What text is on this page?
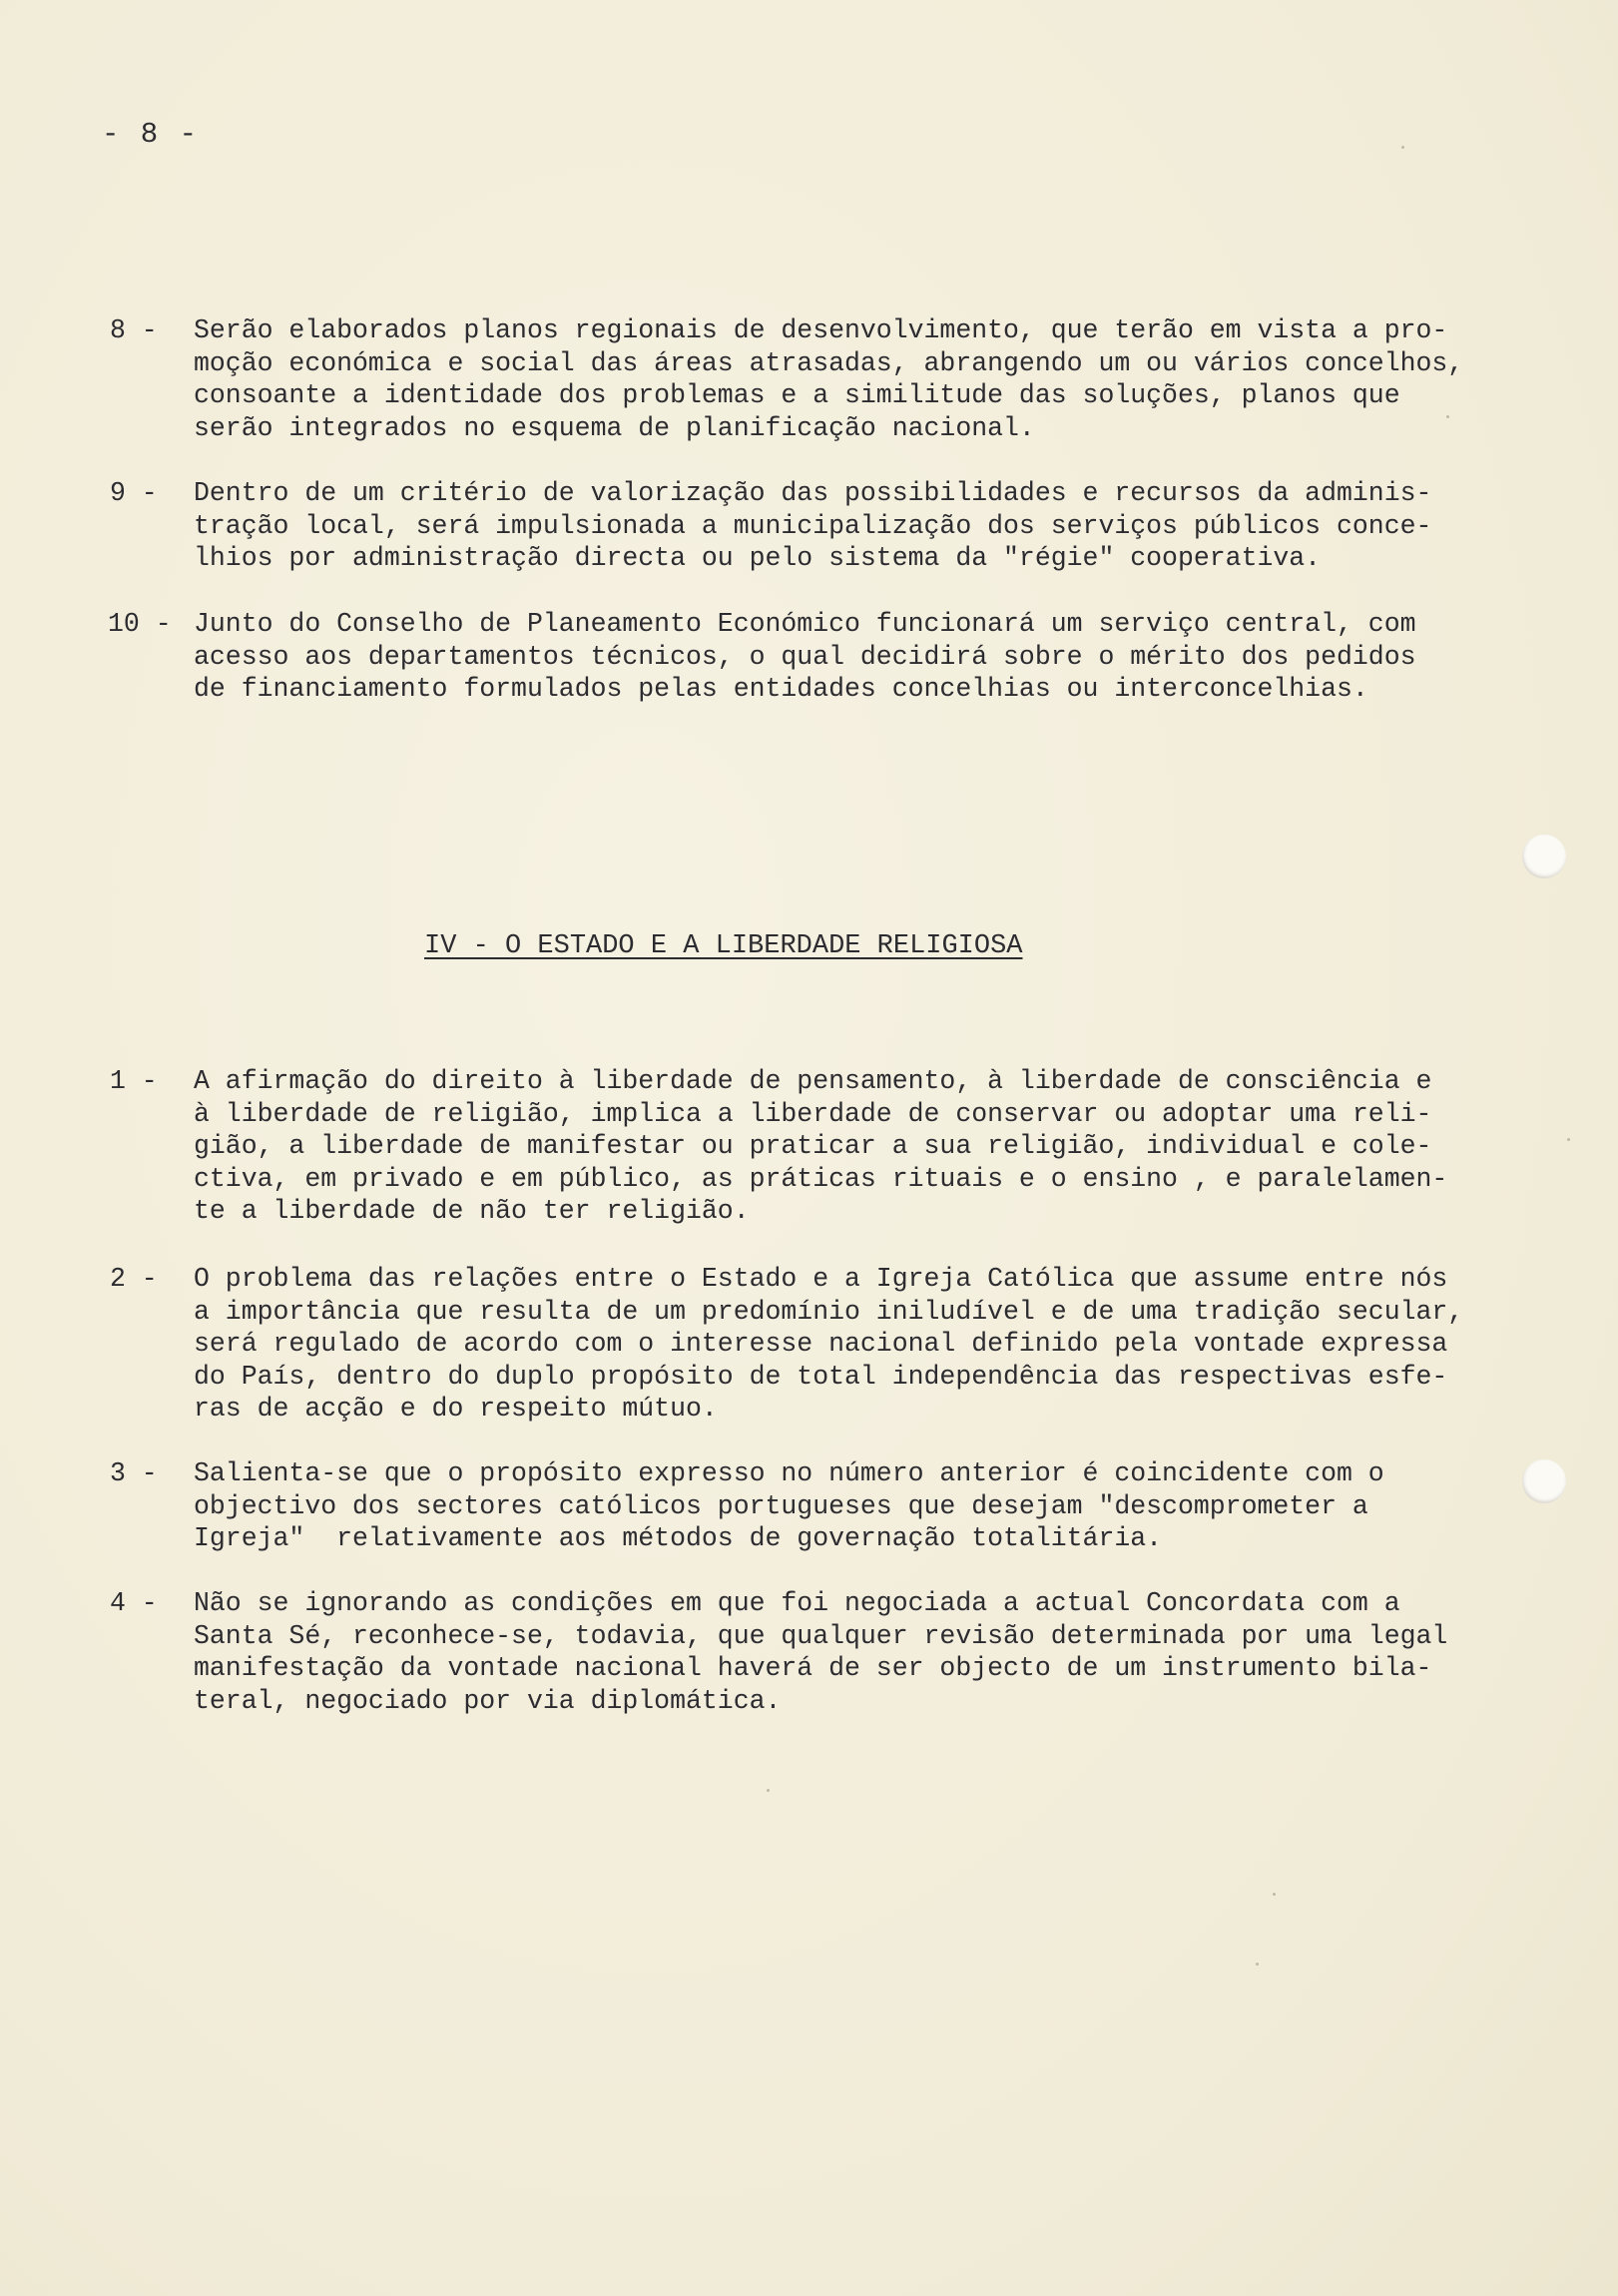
- 8 -
8 -	Serão elaborados planos regionais de desenvolvimento, que terão em vista a pro-
moção económica e social das áreas atrasadas, abrangendo um ou vários concelhos,
consoante a identidade dos problemas e a similitude das soluções, planos que
serão integrados no esquema de planificação nacional.
9 -	Dentro de um critério de valorização das possibilidades e recursos da adminis-
tração local, será impulsionada a municipalização dos serviços públicos conce-
lhios por administração directa ou pelo sistema da "régie" cooperativa.
10 - Junto do Conselho de Planeamento Económico funcionará um serviço central, com
acesso aos departamentos técnicos, o qual decidirá sobre o mérito dos pedidos
de financiamento formulados pelas entidades concelhias ou interconcelhias.
IV - O ESTADO E A LIBERDADE RELIGIOSA
1 -	A afirmação do direito à liberdade de pensamento, à liberdade de consciência e
à liberdade de religião, implica a liberdade de conservar ou adoptar uma reli-
gião, a liberdade de manifestar ou praticar a sua religião, individual e cole-
ctiva, em privado e em público, as práticas rituais e o ensino , e paralelamen-
te a liberdade de não ter religião.
2 -	O problema das relações entre o Estado e a Igreja Católica que assume entre nós
a importância que resulta de um predomínio iniludível e de uma tradição secular,
será regulado de acordo com o interesse nacional definido pela vontade expressa
do País, dentro do duplo propósito de total independência das respectivas esfe-
ras de acção e do respeito mútuo.
3 -	Salienta-se que o propósito expresso no número anterior é coincidente com o
objectivo dos sectores católicos portugueses que desejam "descomprometer a
Igreja"  relativamente aos métodos de governação totalitária.
4 -	Não se ignorando as condições em que foi negociada a actual Concordata com a
Santa Sé, reconhece-se, todavia, que qualquer revisão determinada por uma legal
manifestação da vontade nacional haverá de ser objecto de um instrumento bila-
teral, negociado por via diplomática.
